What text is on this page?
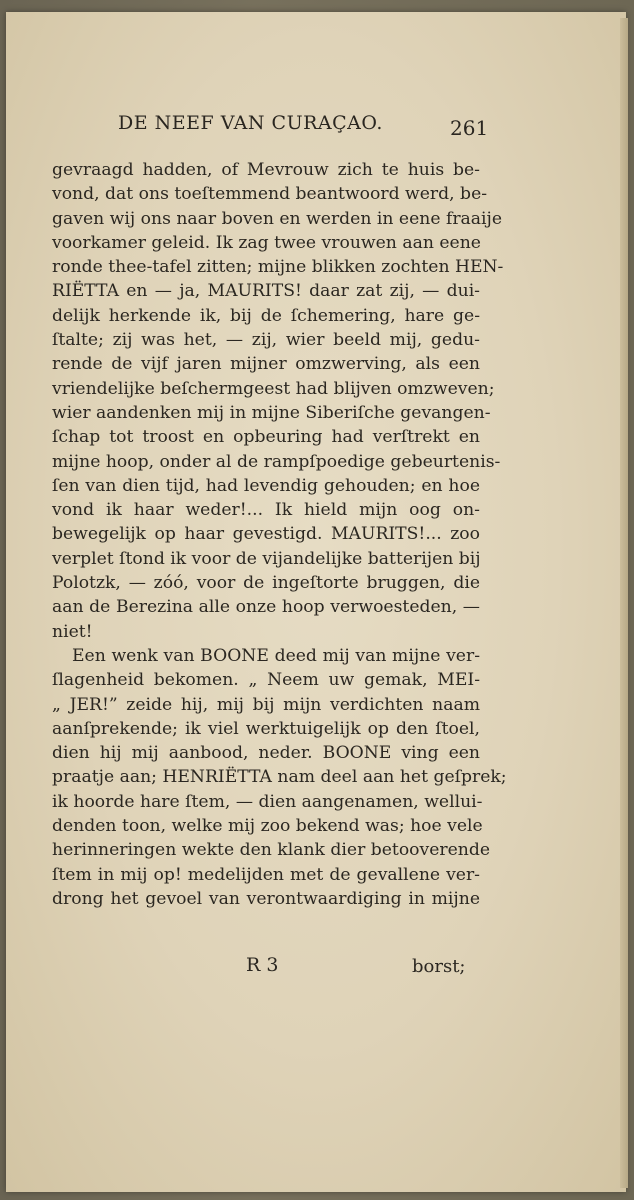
DE NEEF VAN CURAÇAO.	261
gevraagd hadden, of Mevrouw zich te huis be-
vond, dat ons toeſtemmend beantwoord werd, be-
gaven wij ons naar boven en werden in eene fraaije
voorkamer geleid. Ik zag twee vrouwen aan eene
ronde thee-tafel zitten; mijne blikken zochten HEN-
RIËTTA en — ja, MAURITS! daar zat zij, — dui-
delijk herkende ik, bij de ſchemering, hare ge-
ſtalte; zij was het, — zij, wier beeld mij, gedu-
rende de vijf jaren mijner omzwerving, als een
vriendelijke beſchermgeest had blijven omzweven;
wier aandenken mij in mijne Siberiſche gevangen-
ſchap tot troost en opbeuring had verſtrekt en
mijne hoop, onder al de rampſpoedige gebeurtenis-
ſen van dien tijd, had levendig gehouden; en hoe
vond ik haar weder!... Ik hield mijn oog on-
bewegelijk op haar gevestigd. MAURITS!... zoo
verplet ſtond ik voor de vijandelijke batterijen bij
Polotzk, — zóó, voor de ingeſtorte bruggen, die
aan de Berezina alle onze hoop verwoesteden, —
niet!
Een wenk van BOONE deed mij van mijne ver-
ſlagenheid bekomen. „ Neem uw gemak, MEI-
„ JER!” zeide hij, mij bij mijn verdichten naam
aanſprekende; ik viel werktuigelijk op den ſtoel,
dien hij mij aanbood, neder. BOONE ving een
praatje aan; HENRIËTTA nam deel aan het geſprek;
ik hoorde hare ſtem, — dien aangenamen, wellui-
denden toon, welke mij zoo bekend was; hoe vele
herinneringen wekte den klank dier betooverende
ſtem in mij op! medelijden met de gevallene ver-
drong het gevoel van verontwaardiging in mijne
R 3	borst;
